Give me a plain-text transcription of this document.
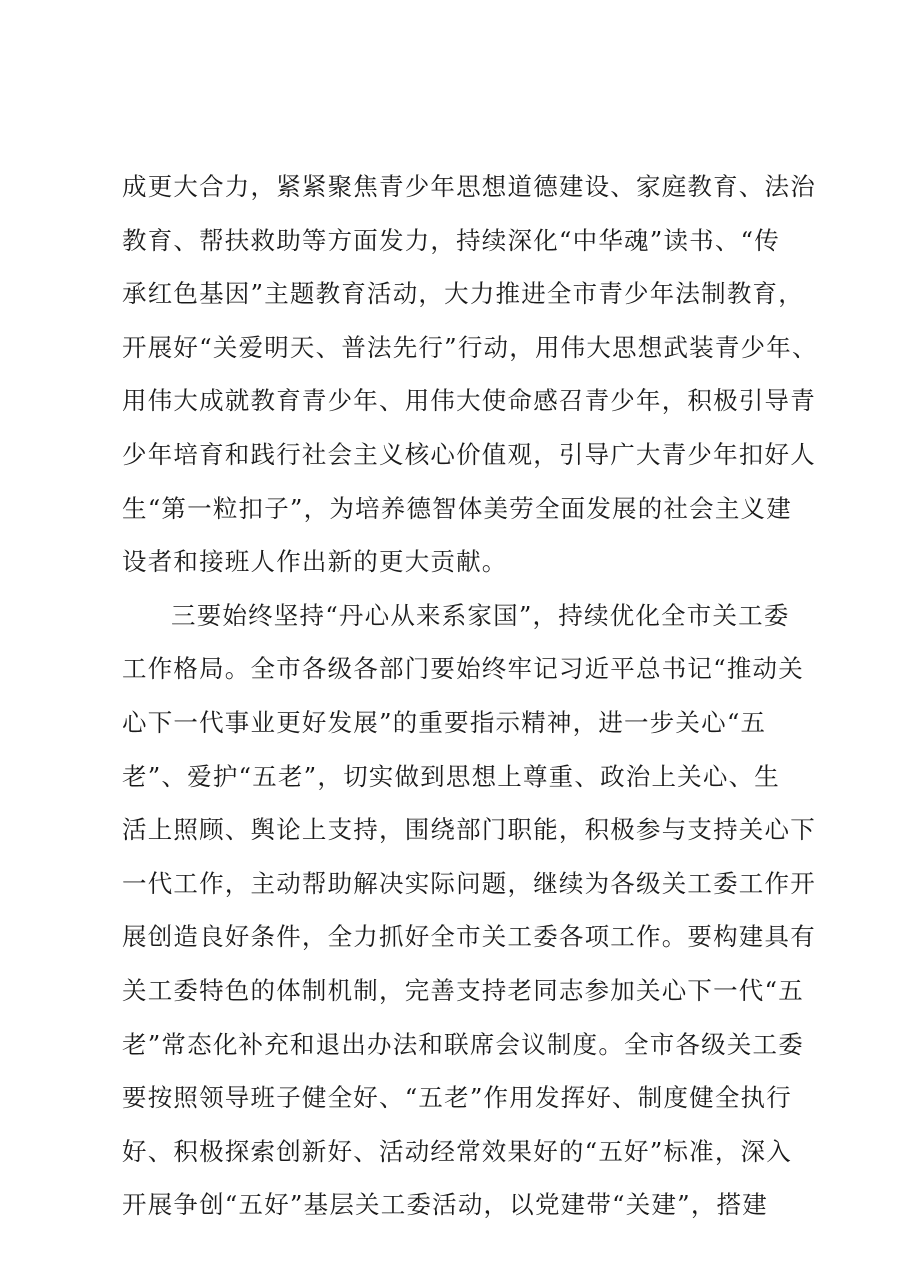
成更大合力，紧紧聚焦青少年思想道德建设、家庭教育、法治
教育、帮扶救助等方面发力，持续深化“中华魂”读书、“传
承红色基因”主题教育活动，大力推进全市青少年法制教育，
开展好“关爱明天、普法先行”行动，用伟大思想武装青少年、
用伟大成就教育青少年、用伟大使命感召青少年，积极引导青
少年培育和践行社会主义核心价值观，引导广大青少年扣好人
生“第一粒扣子”，为培养德智体美劳全面发展的社会主义建
设者和接班人作出新的更大贡献。
三要始终坚持“丹心从来系家国”，持续优化全市关工委
工作格局。全市各级各部门要始终牢记习近平总书记“推动关
心下一代事业更好发展”的重要指示精神，进一步关心“五
老”、爱护“五老”，切实做到思想上尊重、政治上关心、生
活上照顾、舆论上支持，围绕部门职能，积极参与支持关心下
一代工作，主动帮助解决实际问题，继续为各级关工委工作开
展创造良好条件，全力抓好全市关工委各项工作。要构建具有
关工委特色的体制机制，完善支持老同志参加关心下一代“五
老”常态化补充和退出办法和联席会议制度。全市各级关工委
要按照领导班子健全好、“五老”作用发挥好、制度健全执行
好、积极探索创新好、活动经常效果好的“五好”标准，深入
开展争创“五好”基层关工委活动，以党建带“关建”，搭建
